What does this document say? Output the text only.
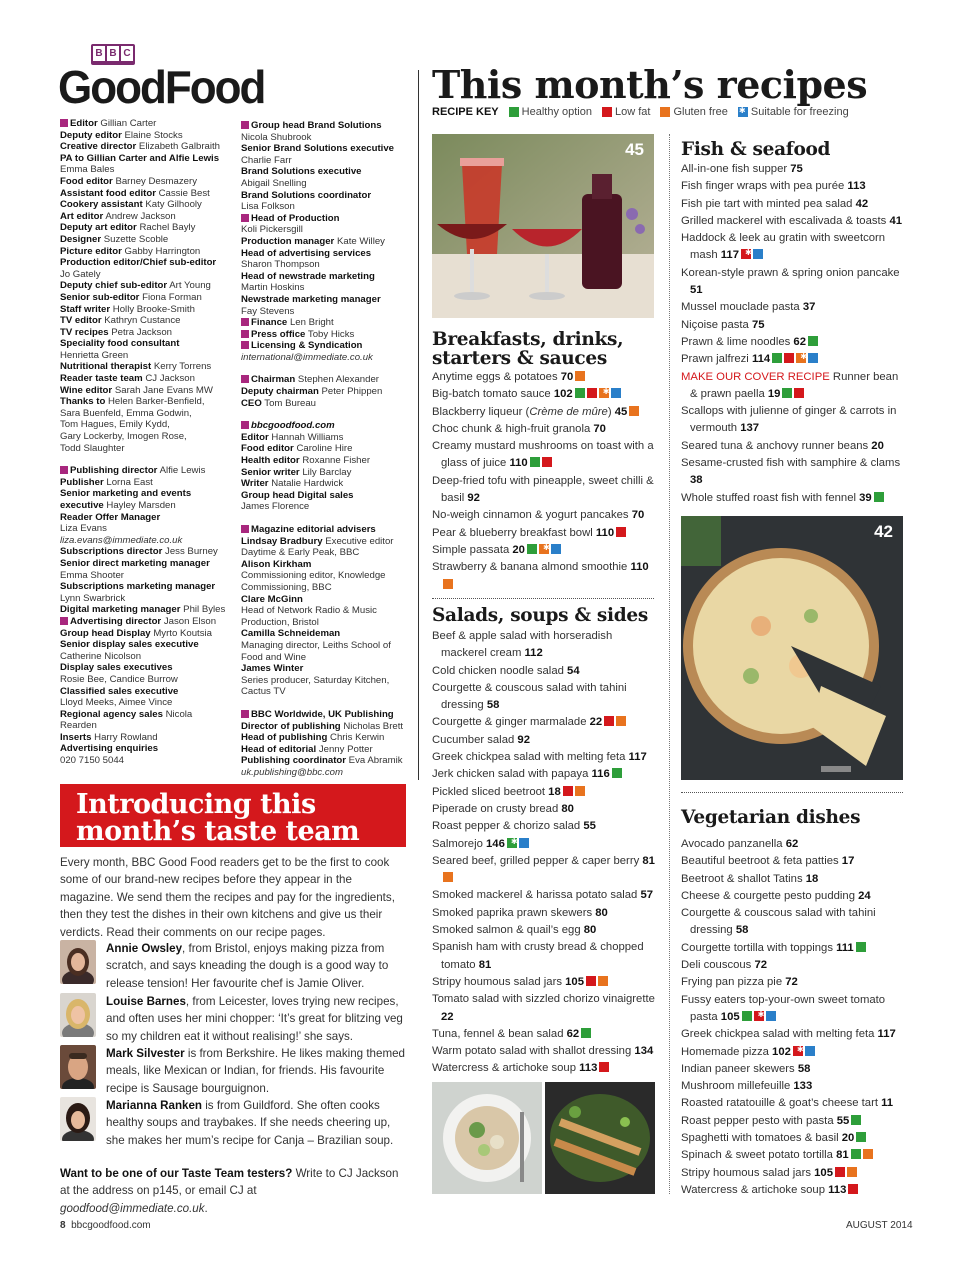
B B C
GoodFood
Editor Gillian Carter
Deputy editor Elaine Stocks
Creative director Elizabeth Galbraith
PA to Gillian Carter and Alfie Lewis
Emma Bales
Food editor Barney Desmazery
Assistant food editor Cassie Best
Cookery assistant Katy Gilhooly
Art editor Andrew Jackson
Deputy art editor Rachel Bayly
Designer Suzette Scoble
Picture editor Gabby Harrington
Production editor/Chief sub-editor
Jo Gately
Deputy chief sub-editor Art Young
Senior sub-editor Fiona Forman
Staff writer Holly Brooke-Smith
TV editor Kathryn Custance
TV recipes Petra Jackson
Speciality food consultant
Henrietta Green
Nutritional therapist Kerry Torrens
Reader taste team CJ Jackson
Wine editor Sarah Jane Evans MW
Thanks to Helen Barker-Benfield,
Sara Buenfeld, Emma Godwin,
Tom Hagues, Emily Kydd,
Gary Lockerby, Imogen Rose,
Todd Slaughter
Publishing director Alfie Lewis
Publisher Lorna East
Senior marketing and events
executive Hayley Marsden
Reader Offer Manager
Liza Evans liza.evans@immediate.co.uk
Subscriptions director Jess Burney
Senior direct marketing manager
Emma Shooter
Subscriptions marketing manager
Lynn Swarbrick
Digital marketing manager Phil Byles
Advertising director Jason Elson
Group head Display Myrto Koutsia
Senior display sales executive
Catherine Nicolson
Display sales executives
Rosie Bee, Candice Burrow
Classified sales executive
Lloyd Meeks, Aimee Vince
Regional agency sales Nicola Rearden
Inserts Harry Rowland
Advertising enquiries
020 7150 5044
Group head Brand Solutions
Nicola Shubrook
Senior Brand Solutions executive
Charlie Farr
Brand Solutions executive
Abigail Snelling
Brand Solutions coordinator
Lisa Folkson
Head of Production
Koli Pickersgill
Production manager Kate Willey
Head of advertising services
Sharon Thompson
Head of newstrade marketing
Martin Hoskins
Newstrade marketing manager
Fay Stevens
Finance Len Bright
Press office Toby Hicks
Licensing & Syndication
international@immediate.co.uk
Chairman Stephen Alexander
Deputy chairman Peter Phippen
CEO Tom Bureau
bbcgoodfood.com
Editor Hannah Williams
Food editor Caroline Hire
Health editor Roxanne Fisher
Senior writer Lily Barclay
Writer Natalie Hardwick
Group head Digital sales
James Florence
Magazine editorial advisers
Lindsay Bradbury Executive editor
Daytime & Early Peak, BBC
Alison Kirkham
Commissioning editor, Knowledge
Commissioning, BBC
Clare McGinn
Head of Network Radio & Music
Production, Bristol
Camilla Schneideman
Managing director, Leiths School of
Food and Wine
James Winter
Series producer, Saturday Kitchen,
Cactus TV
BBC Worldwide, UK Publishing
Director of publishing Nicholas Brett
Head of publishing Chris Kerwin
Head of editorial Jenny Potter
Publishing coordinator Eva Abramik
uk.publishing@bbc.com
Introducing this
month’s taste team
Every month, BBC Good Food readers get to be the first to cook some of our brand-new recipes before they appear in the magazine. We send them the recipes and pay for the ingredients, then they test the dishes in their own kitchens and give us their verdicts. Read their comments on our recipe pages.
Annie Owsley, from Bristol, enjoys making pizza from scratch, and says kneading the dough is a good way to release tension! Her favourite chef is Jamie Oliver.
Louise Barnes, from Leicester, loves trying new recipes, and often uses her mini chopper: ‘It’s great for blitzing veg so my children eat it without realising!’ she says.
Mark Silvester is from Berkshire. He likes making themed meals, like Mexican or Indian, for friends. His favourite recipe is Sausage bourguignon.
Marianna Ranken is from Guildford. She often cooks healthy soups and traybakes. If she needs cheering up, she makes her mum’s recipe for Canja – Brazilian soup.
Want to be one of our Taste Team testers? Write to CJ Jackson at the address on p145, or email CJ at goodfood@immediate.co.uk.
This month’s recipes
RECIPE KEY Healthy option Low fat Gluten free
✱ Suitable for freezing
45
Breakfasts, drinks,
starters & sauces
Anytime eggs & potatoes 70
Big-batch tomato sauce 102✱
Blackberry liqueur (Crème de mûre) 45
Choc chunk & high-fruit granola 70
Creamy mustard mushrooms on toast with a glass of juice 110
Deep-fried tofu with pineapple, sweet chilli & basil 92
No-weigh cinnamon & yogurt pancakes 70
Pear & blueberry breakfast bowl 110
Simple passata 20✱
Strawberry & banana almond smoothie 110
Salads, soups & sides
Beef & apple salad with horseradish mackerel cream 112
Cold chicken noodle salad 54
Courgette & couscous salad with tahini dressing 58
Courgette & ginger marmalade 22
Cucumber salad 92
Greek chickpea salad with melting feta 117
Jerk chicken salad with papaya 116
Pickled sliced beetroot 18
Piperade on crusty bread 80
Roast pepper & chorizo salad 55
Salmorejo 146✱
Seared beef, grilled pepper & caper berry 81
Smoked mackerel & harissa potato salad 57
Smoked paprika prawn skewers 80
Smoked salmon & quail’s egg 80
Spanish ham with crusty bread & chopped tomato 81
Stripy houmous salad jars 105
Tomato salad with sizzled chorizo vinaigrette 22
Tuna, fennel & bean salad 62
Warm potato salad with shallot dressing 134
Watercress & artichoke soup 113
Fish & seafood
All-in-one fish supper 75
Fish finger wraps with pea purée 113
Fish pie tart with minted pea salad 42
Grilled mackerel with escalivada & toasts 41
Haddock & leek au gratin with sweetcorn mash 117✱
Korean-style prawn & spring onion pancake 51
Mussel mouclade pasta 37
Niçoise pasta 75
Prawn & lime noodles 62
Prawn jalfrezi 114✱
MAKE OUR COVER RECIPE Runner bean & prawn paella 19
Scallops with julienne of ginger & carrots in vermouth 137
Seared tuna & anchovy runner beans 20
Sesame-crusted fish with samphire & clams 38
Whole stuffed roast fish with fennel 39
42
Vegetarian dishes
Avocado panzanella 62
Beautiful beetroot & feta patties 17
Beetroot & shallot Tatins 18
Cheese & courgette pesto pudding 24
Courgette & couscous salad with tahini dressing 58
Courgette tortilla with toppings 111
Deli couscous 72
Frying pan pizza pie 72
Fussy eaters top-your-own sweet tomato pasta 105✱
Greek chickpea salad with melting feta 117
Homemade pizza 102✱
Indian paneer skewers 58
Mushroom millefeuille 133
Roasted ratatouille & goat’s cheese tart 11
Roast pepper pesto with pasta 55
Spaghetti with tomatoes & basil 20
Spinach & sweet potato tortilla 81
Stripy houmous salad jars 105
Watercress & artichoke soup 113
8 bbcgoodfood.com	AUGUST 2014
